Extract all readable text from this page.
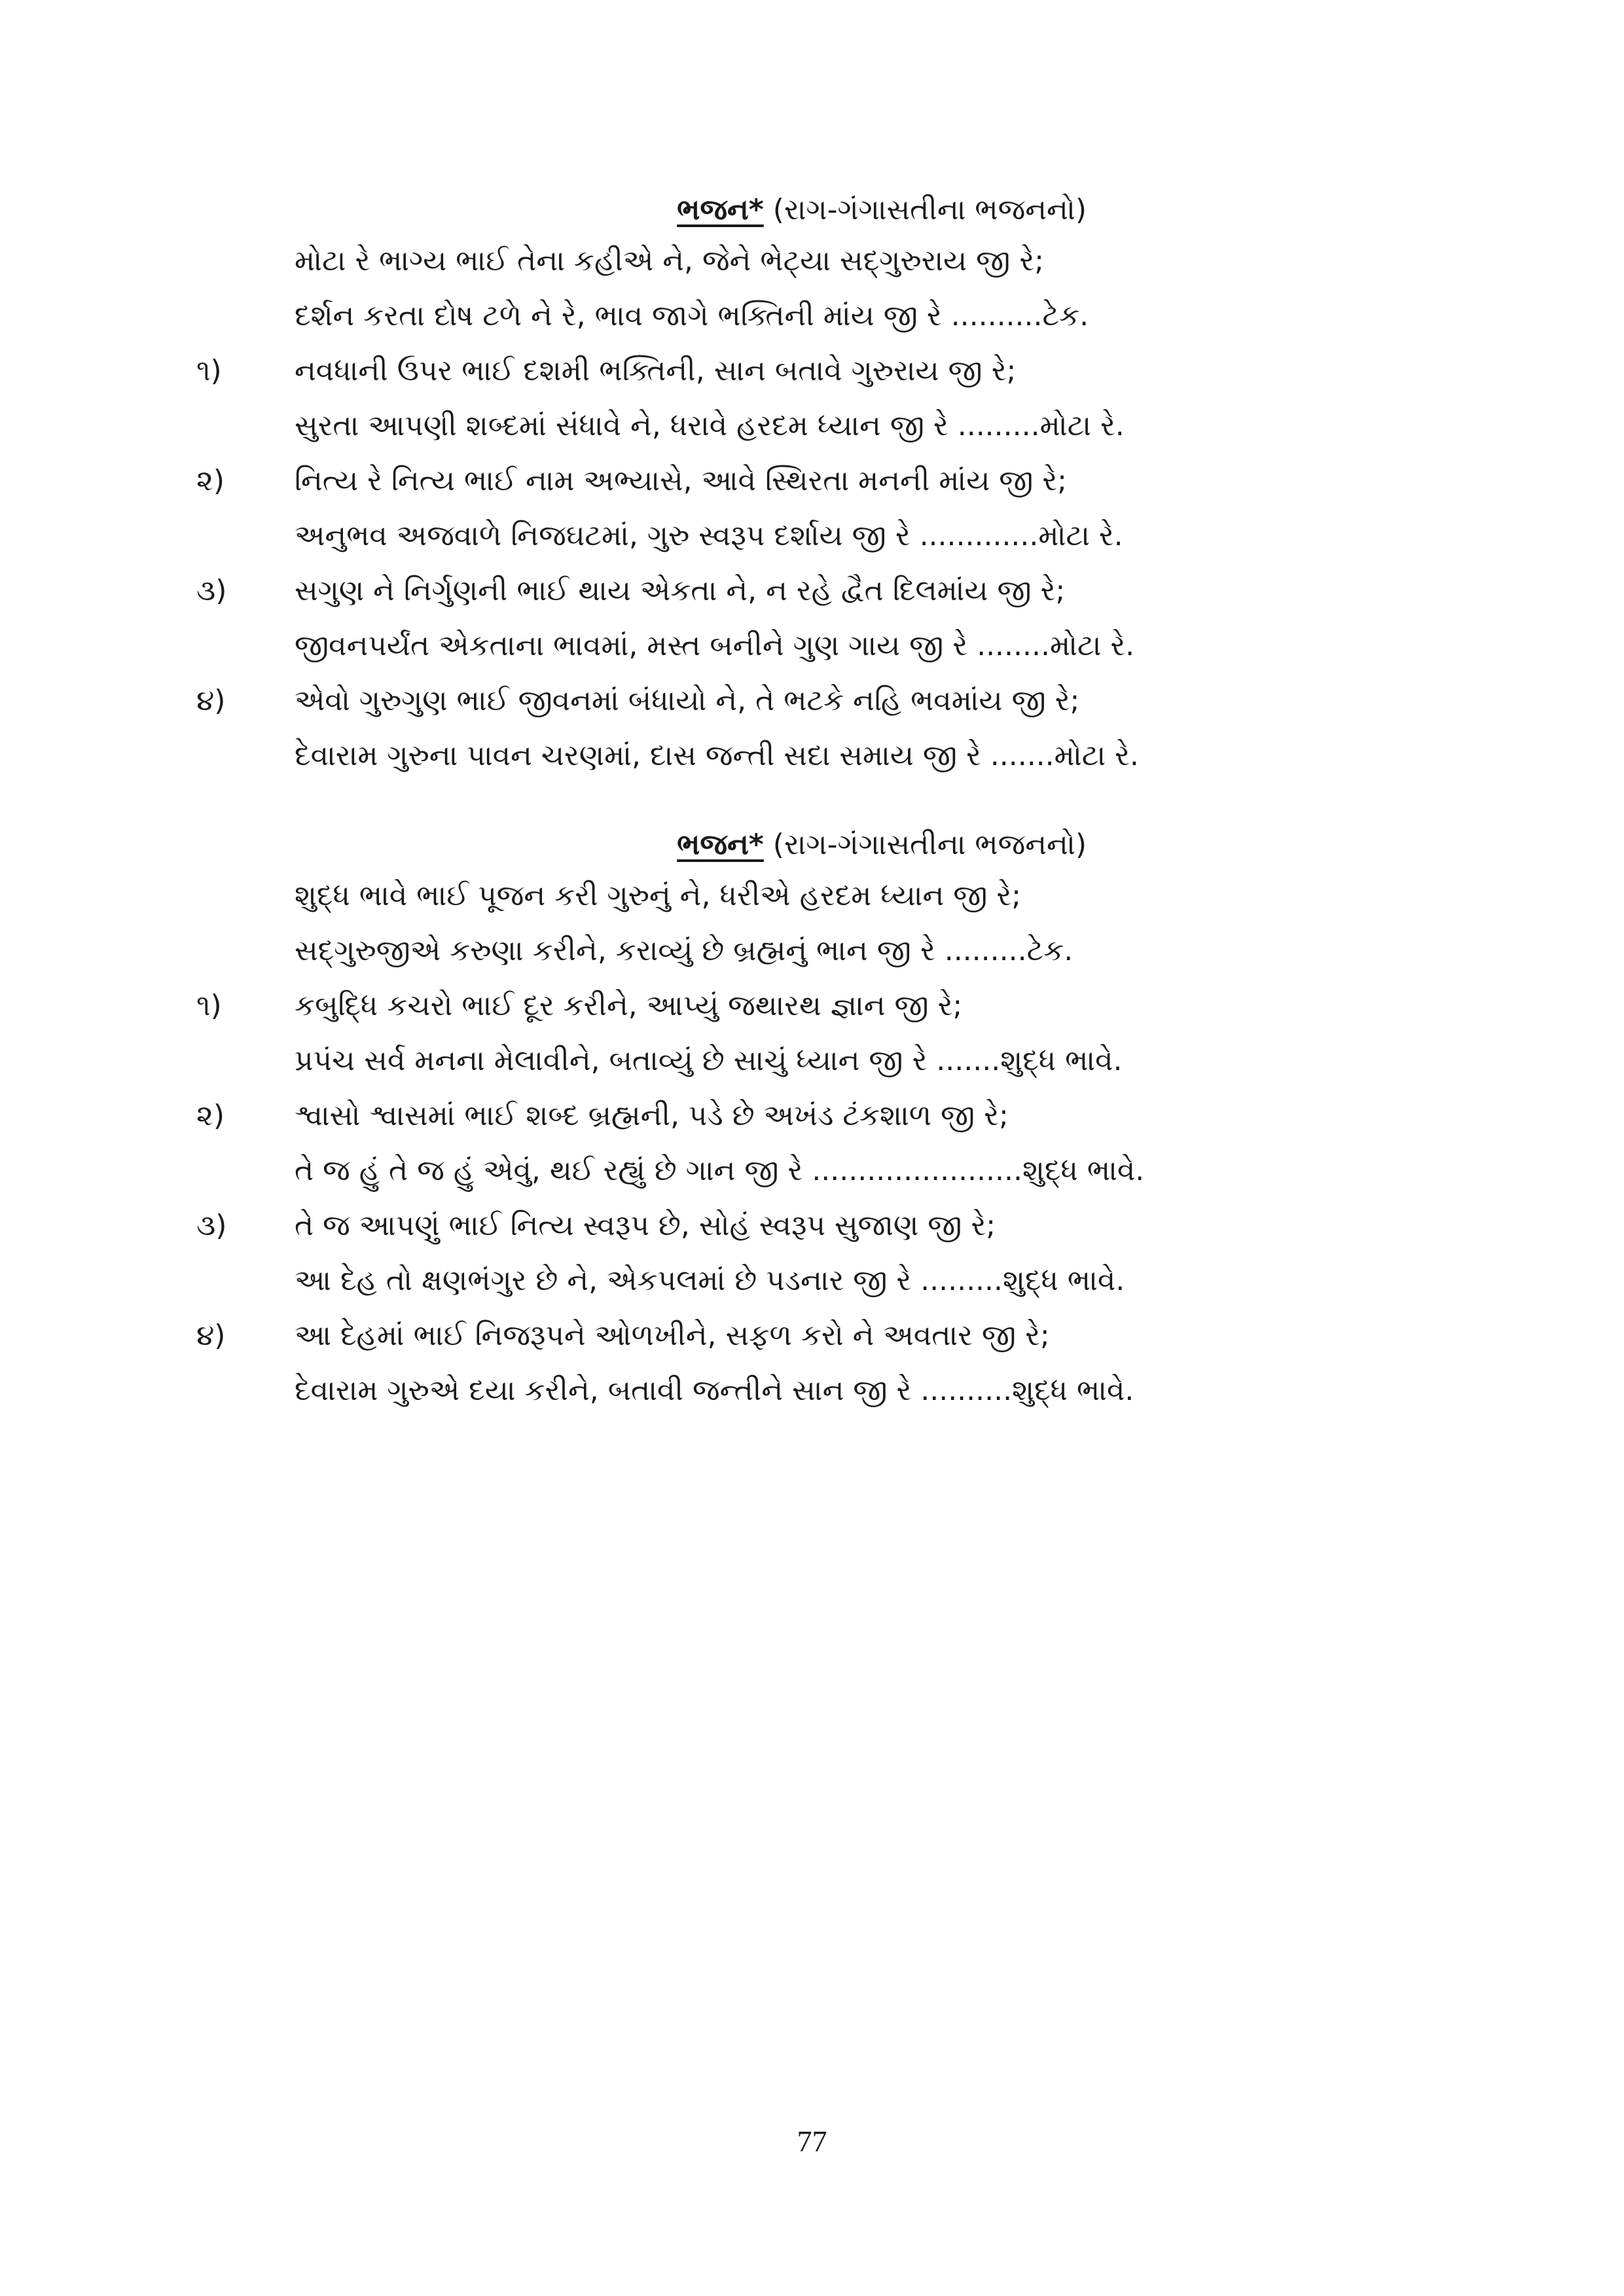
ભજન* (રાગ-ગંગાસતીના ભજનનો)
મોટા રે ભાગ્ય ભાઈ તેના કહીએ ને, જેને ભેટ્યા સદ્‌ગુરુરાય જી રે;
દર્શન કરતા દોષ ટળે ને રે, ભાવ જાગે ભક્તિની માંય જી રે ..........ટેક.
૧)	નવધાની ઉપર ભાઈ દશમી ભક્તિની, સાન બતાવે ગુરુરાય જી રે;
સુરતા આપણી શબ્દમાં સંધાવે ને, ધરાવે હરદમ ધ્યાન જી રે .........મોટા રે.
૨) નિત્ય રે નિત્ય ભાઈ નામ અભ્યાસે, આવે સ્થિરતા મનની માંય જી રે;
અનુભવ અજવાળે નિજઘટમાં, ગુરુ સ્વરૂપ દર્શાય જી રે .............મોટા રે.
૩) સગુણ ને નિર્ગુણની ભાઈ થાય એકતા ને, ન રહે દ્વૈત દિલમાંય જી રે;
જીવનપર્યંત એકતાના ભાવમાં, મસ્ત બનીને ગુણ ગાય જી રે ........મોટા રે.
૪) એવો ગુરુગુણ ભાઈ જીવનમાં બંધાયો ને, તે ભટકે નહિ ભવમાંય જી રે;
દેવારામ ગુરુના પાવન ચરણમાં, દાસ જન્તી સદા સમાય જી રે .......મોટા રે.
ભજન* (રાગ-ગંગાસતીના ભજનનો)
શુદ્ધ ભાવે ભાઈ પૂજન કરી ગુરુનું ને, ધરીએ હરદમ ધ્યાન જી રે;
સદ્‌ગુરુજીએ કરુણા કરીને, કરાવ્યું છે બ્રહ્મનું ભાન જી રે .........ટેક.
૧)	કબુદ્ધિ કચરો ભાઈ દૂર કરીને, આપ્યું જથારથ જ્ઞાન જી રે;
પ્રપંચ સર્વ મનના મેલાવીને, બતાવ્યું છે સાચું ધ્યાન જી રે .......શુદ્ધ ભાવે.
૨) શ્વાસો શ્વાસમાં ભાઈ શબ્દ બ્રહ્મની, પડે છે અખંડ ટંકશાળ જી રે;
તે જ હું તે જ હું એવું, થઈ રહ્યું છે ગાન જી રે .......................શુદ્ધ ભાવે.
૩) તે જ આપણું ભાઈ નિત્ય સ્વરૂપ છે, સોહં સ્વરૂપ સુજાણ જી રે;
આ દેહ તો ક્ષણભંગુર છે ને, એકપલમાં છે પડનાર જી રે .........શુદ્ધ ભાવે.
૪) આ દેહમાં ભાઈ નિજરૂપને ઓળખીને, સફળ કરો ને અવતાર જી રે;
દેવારામ ગુરુએ દયા કરીને, બતાવી જન્તીને સાન જી રે ..........શુદ્ધ ભાવે.
77
